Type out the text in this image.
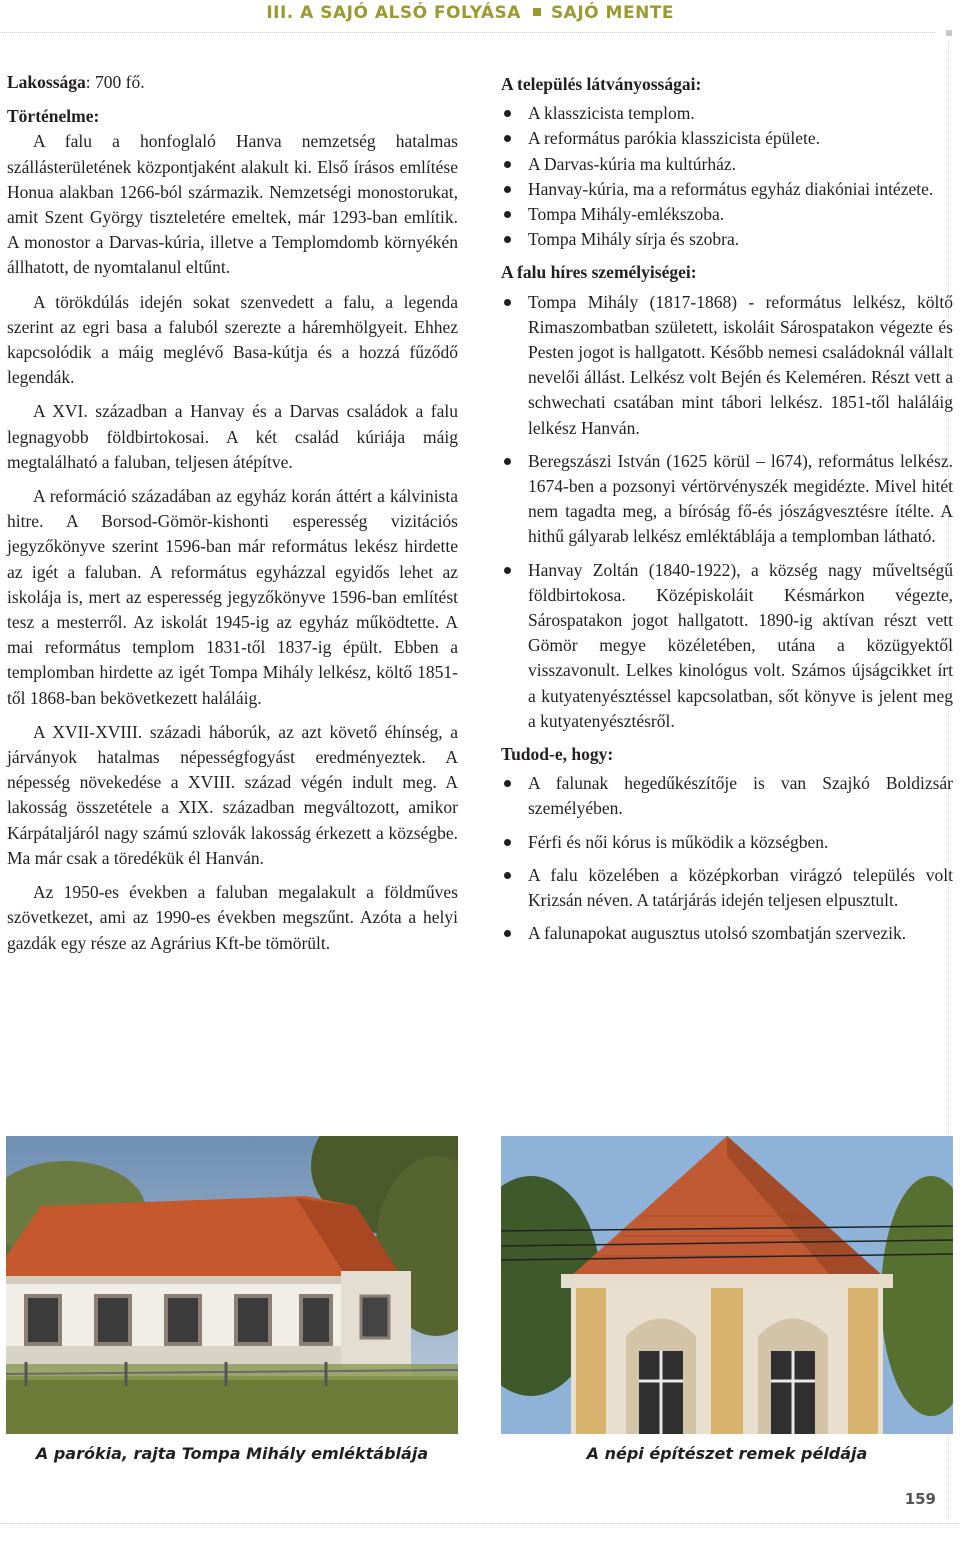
III. A SAJÓ ALSÓ FOLYÁSA SAJÓ MENTE

Lakossága: 700 fő.

Történelme:

A falu a honfoglaló Hanva nemzetség hatalmas szállásterületének központjaként alakult ki. Első írásos említése Honua alakban 1266-ból származik. Nemzetségi monostorukat, amit Szent György tiszteletére emeltek, már 1293-ban említik. A monostor a Darvas-kúria, illetve a Templomdomb környékén állhatott, de nyomtalanul eltűnt.

A törökdúlás idején sokat szenvedett a falu, a legenda szerint az egri basa a faluból szerezte a háremhölgyeit. Ehhez kapcsolódik a máig meglévő Basa-kútja és a hozzá fűződő legendák.

A XVI. században a Hanvay és a Darvas családok a falu legnagyobb földbirtokosai. A két család kúriája máig megtalálható a faluban, teljesen átépítve.

A reformáció századában az egyház korán áttért a kálvinista hitre. A Borsod-Gömör-kishonti esperesség vizitációs jegyzőkönyve szerint 1596-ban már református lekész hirdette az igét a faluban. A református egyházzal egyidős lehet az iskolája is, mert az esperesség jegyzőkönyve 1596-ban említést tesz a mesterről. Az iskolát 1945-ig az egyház működtette. A mai református templom 1831-től 1837-ig épült. Ebben a templomban hirdette az igét Tompa Mihály lelkész, költő 1851-től 1868-ban bekövetkezett haláláig.

A XVII-XVIII. századi háborúk, az azt követő éhínség, a járványok hatalmas népességfogyást eredményeztek. A népesség növekedése a XVIII. század végén indult meg. A lakosság összetétele a XIX. században megváltozott, amikor Kárpátaljáról nagy számú szlovák lakosság érkezett a községbe. Ma már csak a töredékük él Hanván.

Az 1950-es években a faluban megalakult a földműves szövetkezet, ami az 1990-es években megszűnt. Azóta a helyi gazdák egy része az Agrárius Kft-be tömörült.

A település látványosságai:

A klasszicista templom.
A református parókia klasszicista épülete.
A Darvas-kúria ma kultúrház.
Hanvay-kúria, ma a református egyház diakóniai intézete.
Tompa Mihály-emlékszoba.
Tompa Mihály sírja és szobra.

A falu híres személyiségei:

Tompa Mihály (1817-1868) - református lelkész, költő Rimaszombatban született, iskoláit Sárospatakon végezte és Pesten jogot is hallgatott. Később nemesi családoknál vállalt nevelői állást. Lelkész volt Bején és Keleméren. Részt vett a schwechati csatában mint tábori lelkész. 1851-től haláláig lelkész Hanván.
Beregszászi István (1625 körül – l674), református lelkész. 1674-ben a pozsonyi vértörvényszék megidézte. Mivel hitét nem tagadta meg, a bíróság fő-és jószágvesztésre ítélte. A hithű gályarab lelkész emléktáblája a templomban látható.
Hanvay Zoltán (1840-1922), a község nagy műveltségű földbirtokosa. Középiskoláit Késmárkon végezte, Sárospatakon jogot hallgatott. 1890-ig aktívan részt vett Gömör megye közéletében, utána a közügyektől visszavonult. Lelkes kinológus volt. Számos újságcikket írt a kutyatenyésztéssel kapcsolatban, sőt könyve is jelent meg a kutyatenyésztésről.

Tudod-e, hogy:

A falunak hegedűkészítője is van Szajkó Boldizsár személyében.
Férfi és női kórus is működik a községben.
A falu közelében a középkorban virágzó település volt Krizsán néven. A tatárjárás idején teljesen elpusztult.
A falunapokat augusztus utolsó szombatján szervezik.
A parókia, rajta Tompa Mihály emléktáblája	A népi építészet remek példája
159
